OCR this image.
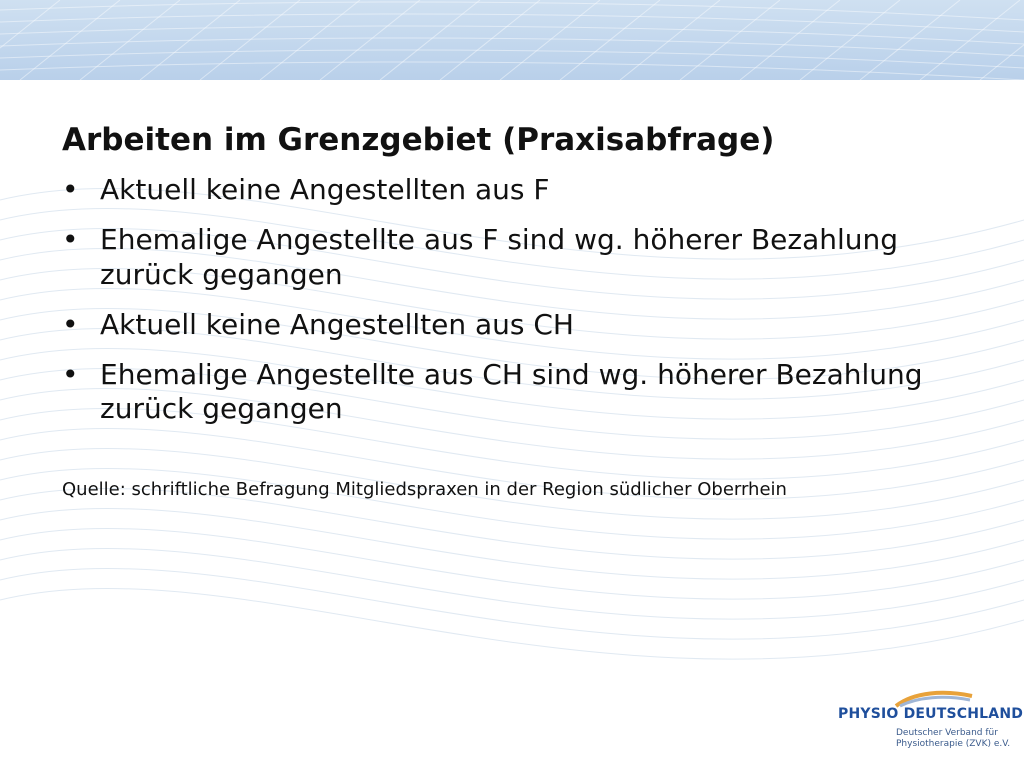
Arbeiten im Grenzgebiet (Praxisabfrage)
• Aktuell keine Angestellten aus F
• Ehemalige Angestellte aus F sind wg. höherer Bezahlung zurück gegangen
• Aktuell keine Angestellten aus CH
• Ehemalige Angestellte aus CH sind wg. höherer Bezahlung zurück gegangen
Quelle: schriftliche Befragung Mitgliedspraxen in der Region südlicher Oberrhein
PHYSIO DEUTSCHLAND
Deutscher Verband für
Physiotherapie (ZVK) e.V.
